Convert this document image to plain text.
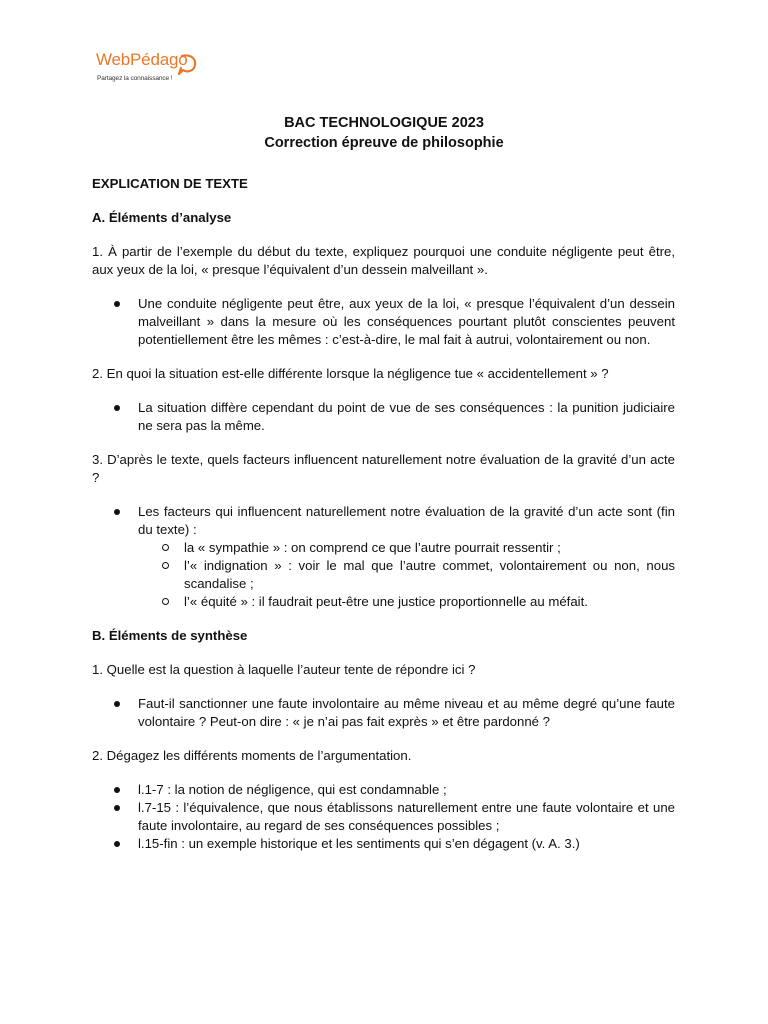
WebPédago
Partagez la connaissance !
BAC TECHNOLOGIQUE 2023
Correction épreuve de philosophie

EXPLICATION DE TEXTE

A. Éléments d’analyse

1. À partir de l’exemple du début du texte, expliquez pourquoi une conduite négligente peut être, aux yeux de la loi, « presque l’équivalent d’un dessein malveillant ».

Une conduite négligente peut être, aux yeux de la loi, « presque l’équivalent d’un dessein malveillant » dans la mesure où les conséquences pourtant plutôt conscientes peuvent potentiellement être les mêmes : c’est-à-dire, le mal fait à autrui, volontairement ou non.

2. En quoi la situation est-elle différente lorsque la négligence tue « accidentellement » ?

La situation diffère cependant du point de vue de ses conséquences : la punition judiciaire ne sera pas la même.

3. D’après le texte, quels facteurs influencent naturellement notre évaluation de la gravité d’un acte ?

Les facteurs qui influencent naturellement notre évaluation de la gravité d’un acte sont (fin du texte) :
la « sympathie » : on comprend ce que l’autre pourrait ressentir ;
l’« indignation » : voir le mal que l’autre commet, volontairement ou non, nous scandalise ;
l’« équité » : il faudrait peut-être une justice proportionnelle au méfait.

B. Éléments de synthèse

1. Quelle est la question à laquelle l’auteur tente de répondre ici ?

Faut-il sanctionner une faute involontaire au même niveau et au même degré qu’une faute volontaire ? Peut-on dire : « je n’ai pas fait exprès » et être pardonné ?

2. Dégagez les différents moments de l’argumentation.

l.1-7 : la notion de négligence, qui est condamnable ;
l.7-15 : l’équivalence, que nous établissons naturellement entre une faute volontaire et une faute involontaire, au regard de ses conséquences possibles ;
l.15-fin : un exemple historique et les sentiments qui s’en dégagent (v. A. 3.)
